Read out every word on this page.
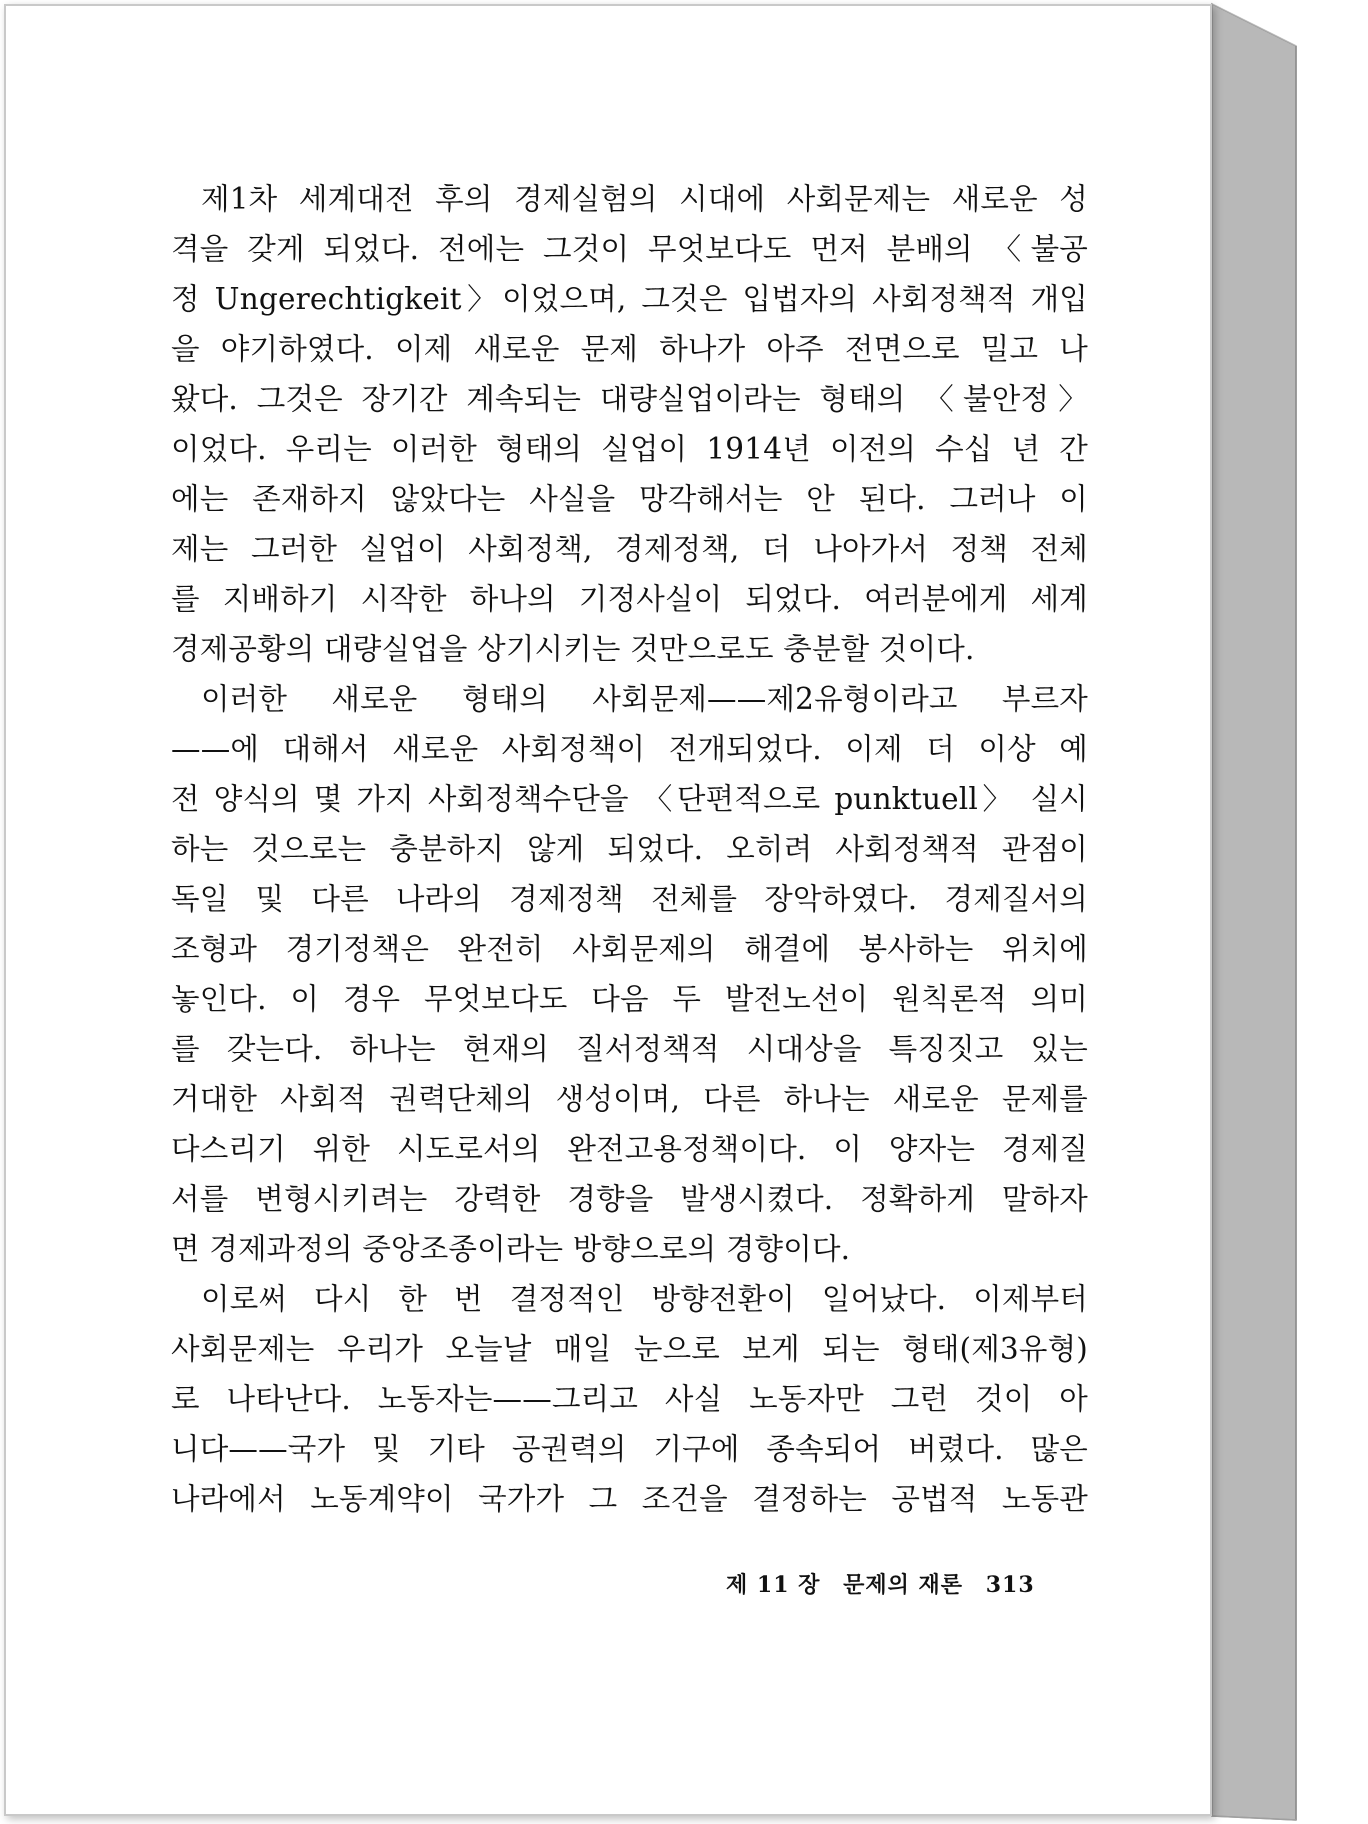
제1차 세계대전 후의 경제실험의 시대에 사회문제는 새로운 성
격을 갖게 되었다. 전에는 그것이 무엇보다도 먼저 분배의 〈불공
정 Ungerechtigkeit〉이었으며, 그것은 입법자의 사회정책적 개입
을 야기하였다. 이제 새로운 문제 하나가 아주 전면으로 밀고 나
왔다. 그것은 장기간 계속되는 대량실업이라는 형태의 〈불안정〉
이었다. 우리는 이러한 형태의 실업이 1914년 이전의 수십 년 간
에는 존재하지 않았다는 사실을 망각해서는 안 된다. 그러나 이
제는 그러한 실업이 사회정책, 경제정책, 더 나아가서 정책 전체
를 지배하기 시작한 하나의 기정사실이 되었다. 여러분에게 세계
경제공황의 대량실업을 상기시키는 것만으로도 충분할 것이다.
이러한 새로운 형태의 사회문제——제2유형이라고 부르자
——에 대해서 새로운 사회정책이 전개되었다. 이제 더 이상 예
전 양식의 몇 가지 사회정책수단을 〈단편적으로 punktuell〉 실시
하는 것으로는 충분하지 않게 되었다. 오히려 사회정책적 관점이
독일 및 다른 나라의 경제정책 전체를 장악하였다. 경제질서의
조형과 경기정책은 완전히 사회문제의 해결에 봉사하는 위치에
놓인다. 이 경우 무엇보다도 다음 두 발전노선이 원칙론적 의미
를 갖는다. 하나는 현재의 질서정책적 시대상을 특징짓고 있는
거대한 사회적 권력단체의 생성이며, 다른 하나는 새로운 문제를
다스리기 위한 시도로서의 완전고용정책이다. 이 양자는 경제질
서를 변형시키려는 강력한 경향을 발생시켰다. 정확하게 말하자
면 경제과정의 중앙조종이라는 방향으로의 경향이다.
이로써 다시 한 번 결정적인 방향전환이 일어났다. 이제부터
사회문제는 우리가 오늘날 매일 눈으로 보게 되는 형태(제3유형)
로 나타난다. 노동자는——그리고 사실 노동자만 그런 것이 아
니다——국가 및 기타 공권력의 기구에 종속되어 버렸다. 많은
나라에서 노동계약이 국가가 그 조건을 결정하는 공법적 노동관
제 11 장 문제의 재론 313
